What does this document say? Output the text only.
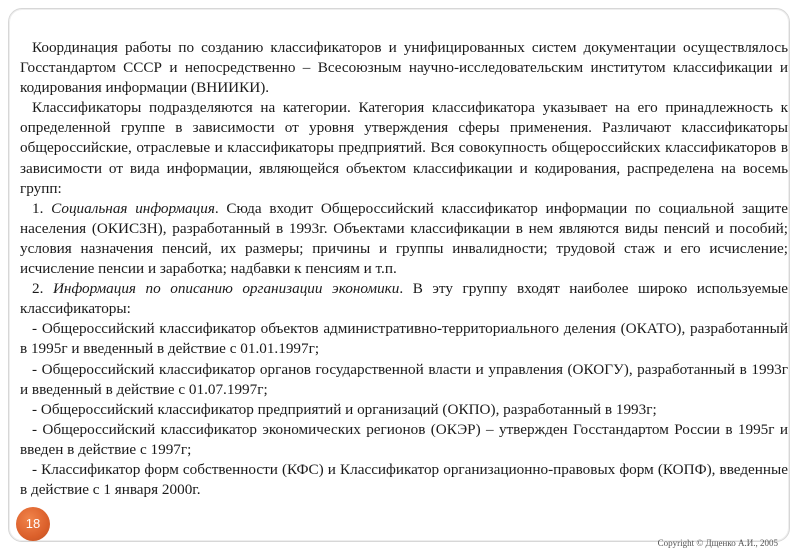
Координация работы по созданию классификаторов и унифицированных систем документации осуществлялось Госстандартом СССР и непосредственно – Всесоюзным научно-исследовательским институтом классификации и кодирования информации (ВНИИКИ).

Классификаторы подразделяются на категории. Категория классификатора указывает на его принадлежность к определенной группе в зависимости от уровня утверждения сферы применения. Различают классификаторы общероссийские, отраслевые и классификаторы предприятий. Вся совокупность общероссийских классификаторов в зависимости от вида информации, являющейся объектом классификации и кодирования, распределена на восемь групп:

1. Социальная информация. Сюда входит Общероссийский классификатор информации по социальной защите населения (ОКИСЗН), разработанный в 1993г. Объектами классификации в нем являются виды пенсий и пособий; условия назначения пенсий, их размеры; причины и группы инвалидности; трудовой стаж и его исчисление; исчисление пенсии и заработка; надбавки к пенсиям и т.п.

2. Информация по описанию организации экономики. В эту группу входят наиболее широко используемые классификаторы:

- Общероссийский классификатор объектов административно-территориального деления (ОКАТО), разработанный в 1995г и введенный в действие с 01.01.1997г;

- Общероссийский классификатор органов государственной власти и управления (ОКОГУ), разработанный в 1993г и введенный в действие с 01.07.1997г;

- Общероссийский классификатор предприятий и организаций (ОКПО), разработанный в 1993г;

- Общероссийский классификатор экономических регионов (ОКЭР) – утвержден Госстандартом России в 1995г и введен в действие с 1997г;

- Классификатор форм собственности (КФС) и Классификатор организационно-правовых форм (КОПФ), введенные в действие с 1 января 2000г.

18
Copyright © Дщенко А.И., 2005
